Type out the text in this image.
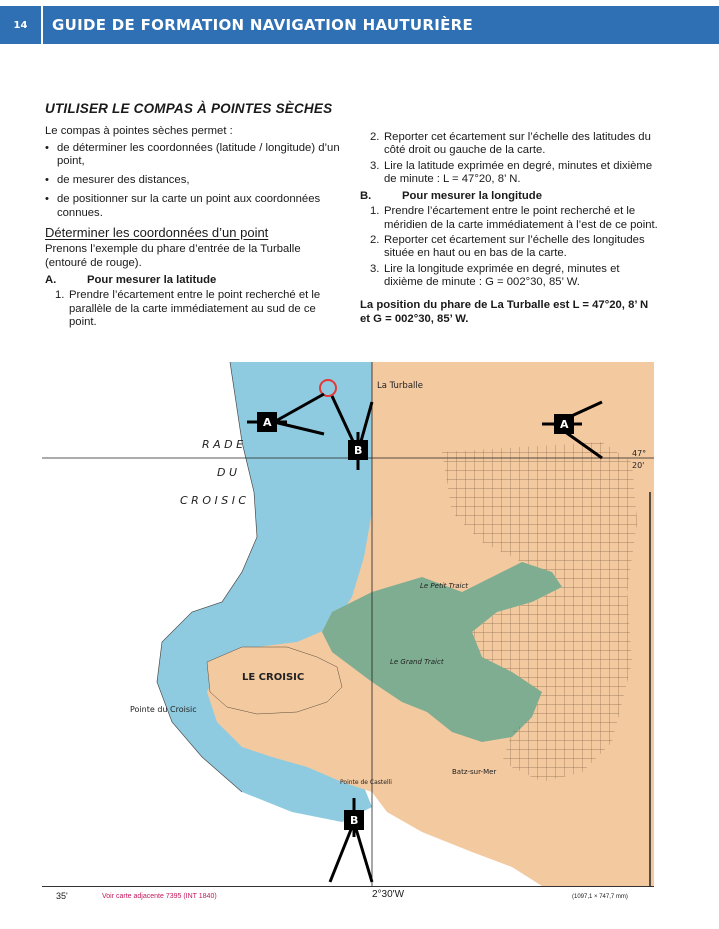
14	GUIDE DE FORMATION NAVIGATION HAUTURIÈRE
UTILISER LE COMPAS À POINTES SÈCHES
Le compas à pointes sèches permet :
• de déterminer les coordonnées (latitude / longitude) d’un point,
• de mesurer des distances,
• de positionner sur la carte un point aux coordonnées connues.
Déterminer les coordonnées d’un point
Prenons l’exemple du phare d’entrée de la Turballe (entouré de rouge).
A.	Pour mesurer la latitude
1. Prendre l’écartement entre le point recherché et le parallèle de la carte immédiatement au sud de ce point.
2. Reporter cet écartement sur l’échelle des latitudes du côté droit ou gauche de la carte.
3. Lire la latitude exprimée en degré, minutes et dixième de minute : L = 47°20, 8’ N.
B.	Pour mesurer la longitude
1. Prendre l’écartement entre le point recherché et le méridien de la carte immédiatement à l’est de ce point.
2. Reporter cet écartement sur l’échelle des longitudes située en haut ou en bas de la carte.
3. Lire la longitude exprimée en degré, minutes et dixième de minute : G = 002°30, 85’ W.
La position du phare de La Turballe est L = 47°20, 8’ N et G = 002°30, 85’ W.
A
B
A
B
La Turballe
R A D E
D U
C R O I S I C
LE CROISIC
Pointe du Croisic
Le Petit Traict
Le Grand Traict
Batz-sur-Mer
Pointe de Castelli
47°
20'
35'	Voir carte adjacente 7395 (INT 1840)	2°30'W	(1097,1 × 747,7 mm)
